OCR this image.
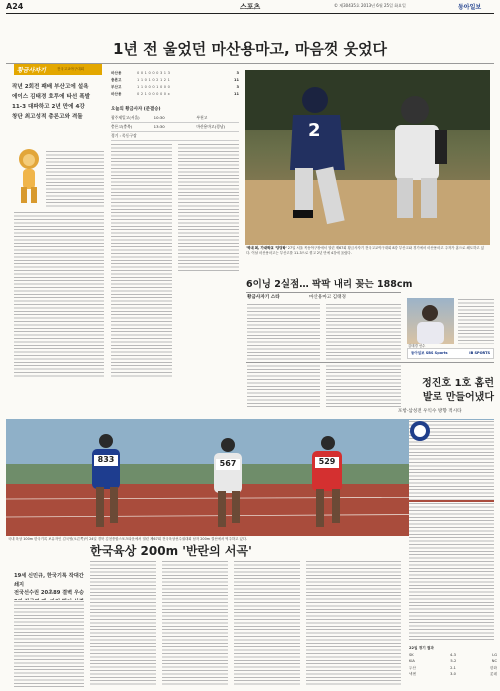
A24	스포츠	© 제30435호 2013년 6월 25일 화요일	동아일보
1년 전 울었던 마산용마고, 마음껏 웃었다
황금사자기	전국고교야구대회
작년 2회전 패배 부산고에 설욕
에이스 김태경 호투에 타선 폭발
11-3 대파하고 2년 만에 4강
창단 최고성적 총론고와 격돌
마산용	0 0 1 0 0 0 3 1 3	3
충론고	1 1 0 1 0 2 1 2 1	11
부산고	1 1 0 0 0 1 0 0 0	3
마산용	0 2 1 0 0 0 0 0 x	11
오늘의 황금사자 (준결승)
광주제일고(서울)	10:30	부천고
충론고(충북)	13:30	마산용마고(경남)
경기 : 목동구장	2
'역대 최, 가대박교 '딩딩학' 27일 서울 목동야구장에서 열린 제67회 황금사자기 전국고교야구대회 8강 부산고와 경기에서 마산용마고 주자가 홈으로 쇄도하고 있다. 이날 마산용마고는 부산고를 11-3으로 꺾고 2년 만에 4강에 올랐다.
6이닝 2실점… 팍팍 내리 꽂는 188cm
황금사자기 스타	마산용마고 김태경
김태경 선수
동아일보 SBS Sports	IB SPORTS
정진호 1호 홈런
발로 만들어냈다
포항·삼성전 우익수 방향 적시타
833	567	529
국내 육상 100m 한국기록 보유자인 김국영(오른쪽)이 24일 경북 김천종합스포츠타운에서 열린 제67회 전국육상선수권대회 남자 200m 결선에서 역주하고 있다.
한국육상 200m '반란의 서곡'
19세 신민규, 한국기록 작대간 쇄지
전국선수권 20초89 결벽 우승
22일 경기 결과
SK	4-3	LG
KIA	5-2	NC
두산	2-1	한화
넥센	3-0	롯데
